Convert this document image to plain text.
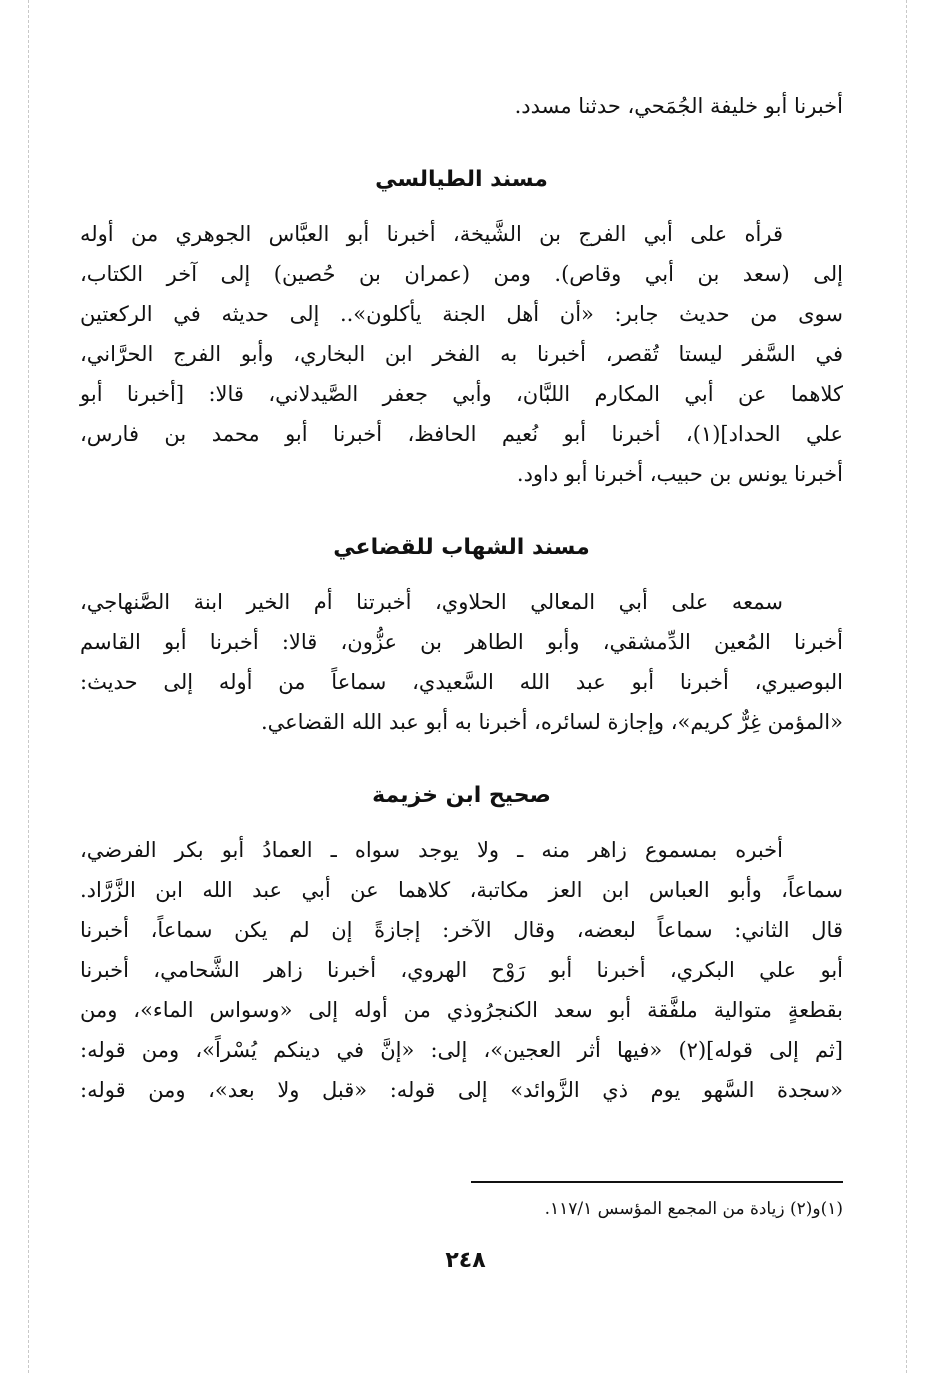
أخبرنا أبو خليفة الجُمَحي، حدثنا مسدد.

مسند الطيالسي

قرأه على أبي الفرج بن الشَّيخة، أخبرنا أبو العبَّاس الجوهري من أوله

إلى (سعد بن أبي وقاص). ومن (عمران بن حُصين) إلى آخر الكتاب،

سوى من حديث جابر: «أن أهل الجنة يأكلون».. إلى حديثه في الركعتين

في السَّفر ليستا تُقصر، أخبرنا به الفخر ابن البخاري، وأبو الفرج الحرَّاني،

كلاهما عن أبي المكارم اللبَّان، وأبي جعفر الصَّيدلاني، قالا: [أخبرنا أبو

علي الحداد](١)، أخبرنا أبو نُعيم الحافظ، أخبرنا أبو محمد بن فارس،

أخبرنا يونس بن حبيب، أخبرنا أبو داود.

مسند الشهاب للقضاعي

سمعه على أبي المعالي الحلاوي، أخبرتنا أم الخير ابنة الصَّنهاجي،

أخبرنا المُعين الدِّمشقي، وأبو الطاهر بن عزُّون، قالا: أخبرنا أبو القاسم

البوصيري، أخبرنا أبو عبد الله السَّعيدي، سماعاً من أوله إلى حديث:

«المؤمن غِرٌّ كريم»، وإجازة لسائره، أخبرنا به أبو عبد الله القضاعي.

صحيح ابن خزيمة

أخبره بمسموع زاهر منه ـ ولا يوجد سواه ـ العمادُ أبو بكر الفرضي،

سماعاً، وأبو العباس ابن العز مكاتبة، كلاهما عن أبي عبد الله ابن الزَّرَّاد.

قال الثاني: سماعاً لبعضه، وقال الآخر: إجازةً إن لم يكن سماعاً، أخبرنا

أبو علي البكري، أخبرنا أبو رَوْح الهروي، أخبرنا زاهر الشَّحامي، أخبرنا

بقطعةٍ متوالية ملفَّقة أبو سعد الكنجرُوذي من أوله إلى «وسواس الماء»، ومن

[ثم إلى قوله](٢) «فيها أثر العجين»، إلى: «إنَّ في دينكم يُسْراً»، ومن قوله:

«سجدة السَّهو يوم ذي الزَّوائد» إلى قوله: «قبل ولا بعد»، ومن قوله:

(١)و(٢) زيادة من المجمع المؤسس ١١٧/١.

٢٤٨
